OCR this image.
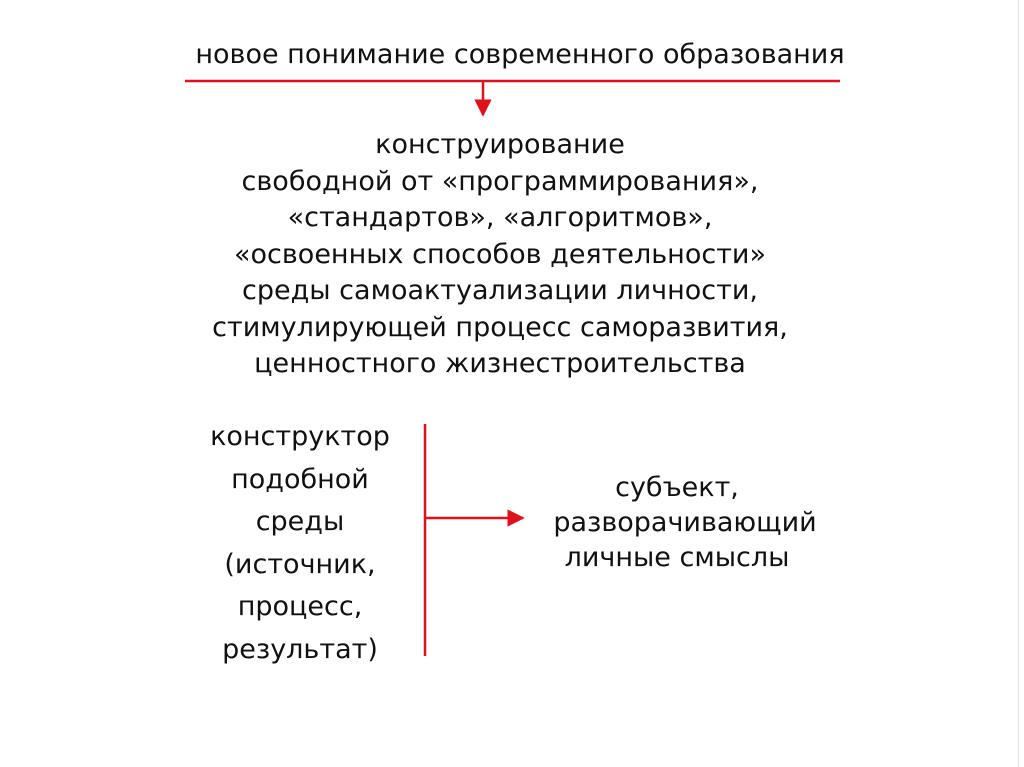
новое понимание современного образования
конструирование
свободной от «программирования»,
«стандартов», «алгоритмов»,
«освоенных способов деятельности»
среды самоактуализации личности,
стимулирующей процесс саморазвития,
ценностного жизнестроительства
конструктор
подобной
среды
(источник,
процесс,
результат)
субъект,
разворачивающий
личные смыслы
